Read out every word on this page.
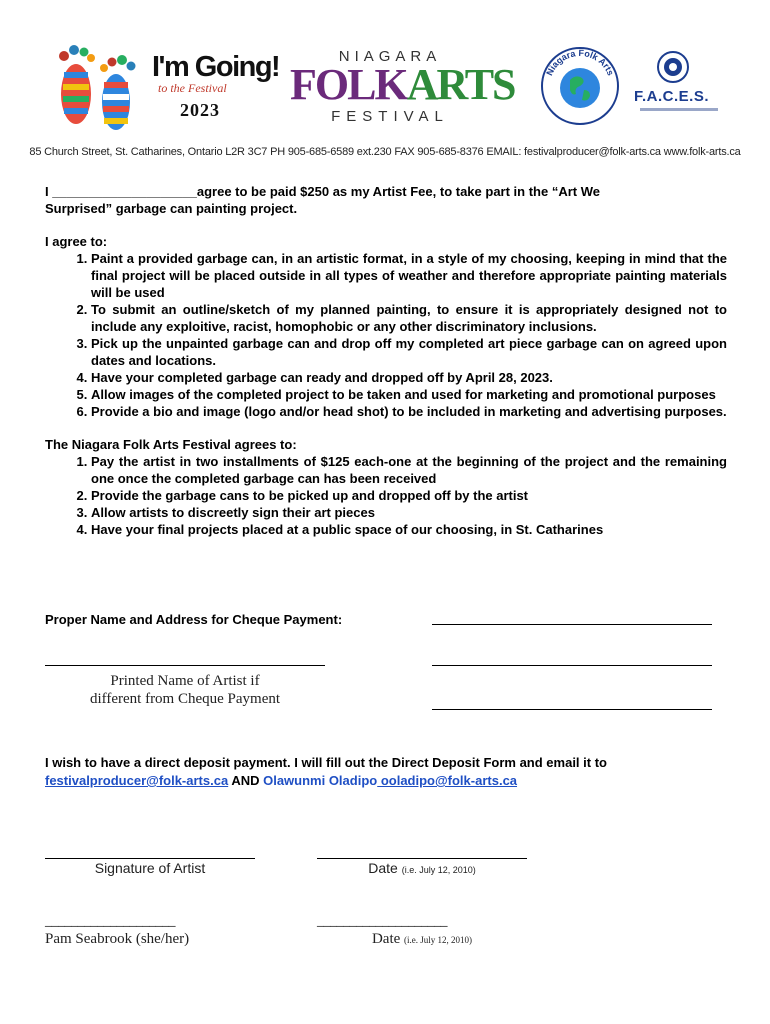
I'm Going!
to the Festival
2023
NIAGARA
FOLKARTS
FESTIVAL
Niagara Folk Arts
F.A.C.E.S.
85 Church Street, St. Catharines, Ontario L2R 3C7 PH 905-685-6589 ext.230 FAX 905-685-8376 EMAIL: festivalproducer@folk-arts.ca www.folk-arts.ca
I ____________________agree to be paid $250 as my Artist Fee, to take part in the “Art We
Surprised” garbage can painting project.
I agree to:
1. Paint a provided garbage can, in an artistic format, in a style of my choosing, keeping in mind that the final project will be placed outside in all types of weather and therefore appropriate painting materials will be used
2. To submit an outline/sketch of my planned painting, to ensure it is appropriately designed not to include any exploitive, racist, homophobic or any other discriminatory inclusions.
3. Pick up the unpainted garbage can and drop off my completed art piece garbage can on agreed upon dates and locations.
4. Have your completed garbage can ready and dropped off by April 28, 2023.
5. Allow images of the completed project to be taken and used for marketing and promotional purposes
6. Provide a bio and image (logo and/or head shot) to be included in marketing and advertising purposes.
The Niagara Folk Arts Festival agrees to:
1. Pay the artist in two installments of $125 each-one at the beginning of the project and the remaining one once the completed garbage can has been received
2. Provide the garbage cans to be picked up and dropped off by the artist
3. Allow artists to discreetly sign their art pieces
4. Have your final projects placed at a public space of our choosing, in St. Catharines
Proper Name and Address for Cheque Payment:
Printed Name of Artist if
different from Cheque Payment
I wish to have a direct deposit payment. I will fill out the Direct Deposit Form and email it to
festivalproducer@folk-arts.ca AND Olawunmi Oladipo ooladipo@folk-arts.ca
Signature of Artist	Date (i.e. July 12, 2010)
____________________	____________________
Pam Seabrook (she/her)	Date (i.e. July 12, 2010)
